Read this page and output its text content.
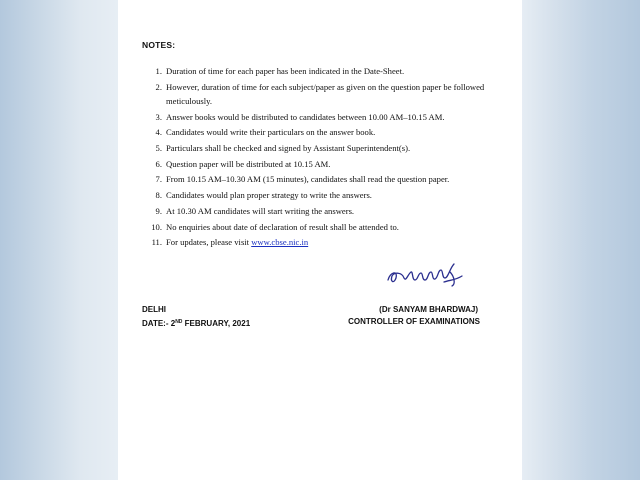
NOTES:
1. Duration of time for each paper has been indicated in the Date-Sheet.
2. However, duration of time for each subject/paper as given on the question paper be followed meticulously.
3. Answer books would be distributed to candidates between 10.00 AM–10.15 AM.
4. Candidates would write their particulars on the answer book.
5. Particulars shall be checked and signed by Assistant Superintendent(s).
6. Question paper will be distributed at 10.15 AM.
7. From 10.15 AM–10.30 AM (15 minutes), candidates shall read the question paper.
8. Candidates would plan proper strategy to write the answers.
9. At 10.30 AM candidates will start writing the answers.
10. No enquiries about date of declaration of result shall be attended to.
11. For updates, please visit www.cbse.nic.in
DELHI
DATE:- 2ND FEBRUARY, 2021
(Dr SANYAM BHARDWAJ)
CONTROLLER OF EXAMINATIONS
